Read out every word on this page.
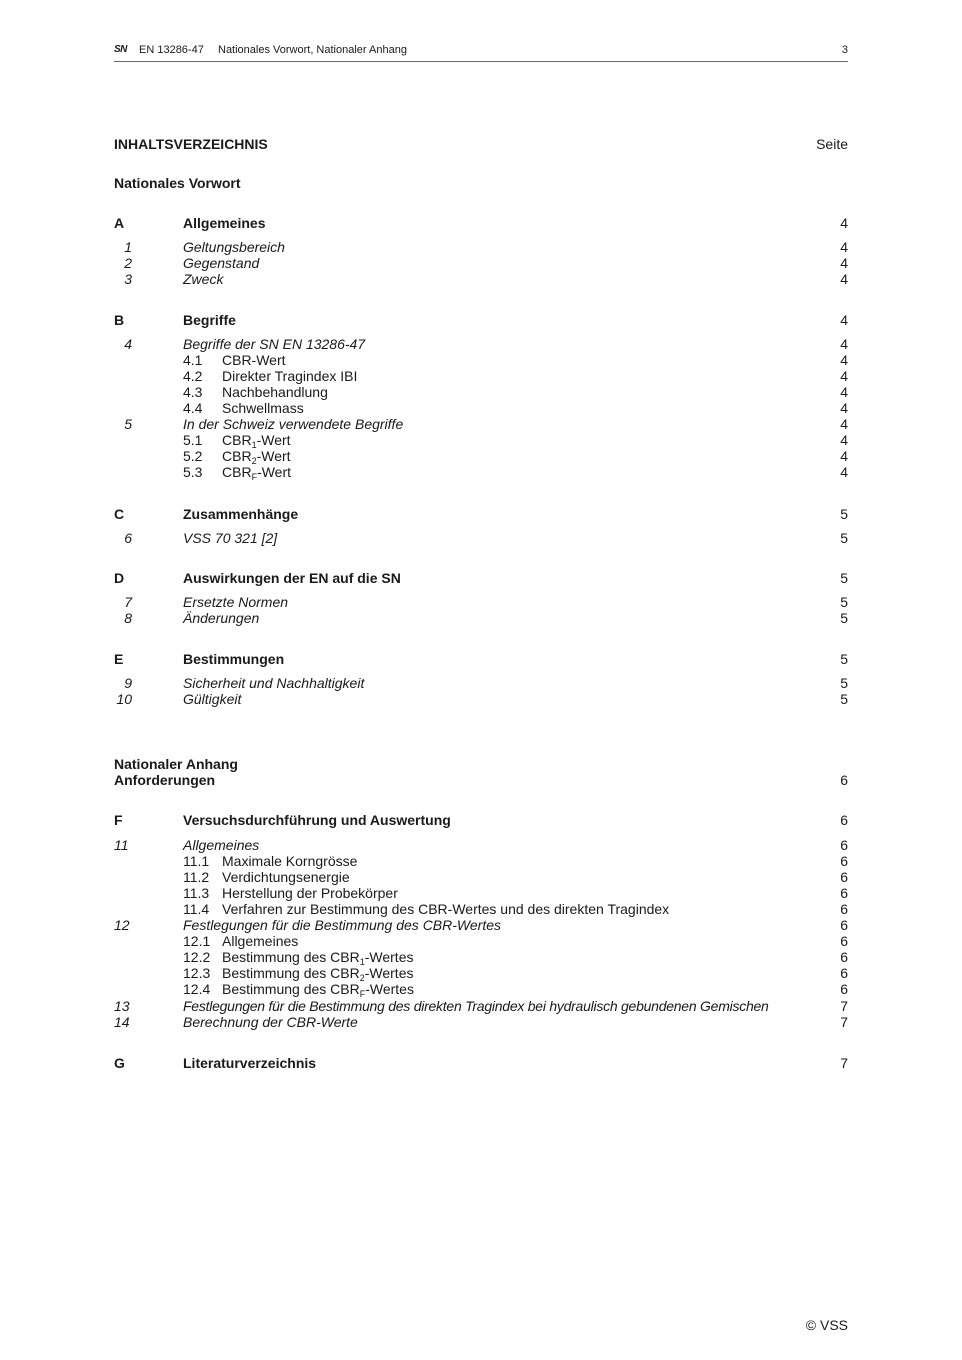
SN EN 13286-47 Nationales Vorwort, Nationaler Anhang	3
INHALTSVERZEICHNIS	Seite
Nationales Vorwort
A	Allgemeines	4
1	Geltungsbereich	4
2	Gegenstand	4
3	Zweck	4
B	Begriffe	4
4	Begriffe der SN EN 13286-47	4
4.1 CBR-Wert	4
4.2 Direkter Tragindex IBI	4
4.3 Nachbehandlung	4
4.4 Schwellmass	4
5	In der Schweiz verwendete Begriffe	4
5.1 $CBR_1$-Wert	4
5.2 $CBR_2$-Wert	4
5.3 $CBR_F$-Wert	4
C	Zusammenhänge	5
6	VSS 70 321 [2]	5
D	Auswirkungen der EN auf die SN	5
7	Ersetzte Normen	5
8	Änderungen	5
E	Bestimmungen	5
9	Sicherheit und Nachhaltigkeit	5
10	Gültigkeit	5
Nationaler Anhang
Anforderungen	6
F	Versuchsdurchführung und Auswertung	6
11	Allgemeines	6
11.1 Maximale Korngrösse	6
11.2 Verdichtungsenergie	6
11.3 Herstellung der Probekörper	6
11.4 Verfahren zur Bestimmung des CBR-Wertes und des direkten Tragindex	6
12	Festlegungen für die Bestimmung des CBR-Wertes	6
12.1 Allgemeines	6
12.2 Bestimmung des $CBR_1$-Wertes	6
12.3 Bestimmung des $CBR_2$-Wertes	6
12.4 Bestimmung des $CBR_F$-Wertes	6
13	Festlegungen für die Bestimmung des direkten Tragindex bei hydraulisch gebundenen Gemischen	7
14	Berechnung der CBR-Werte	7
G	Literaturverzeichnis	7
© VSS
